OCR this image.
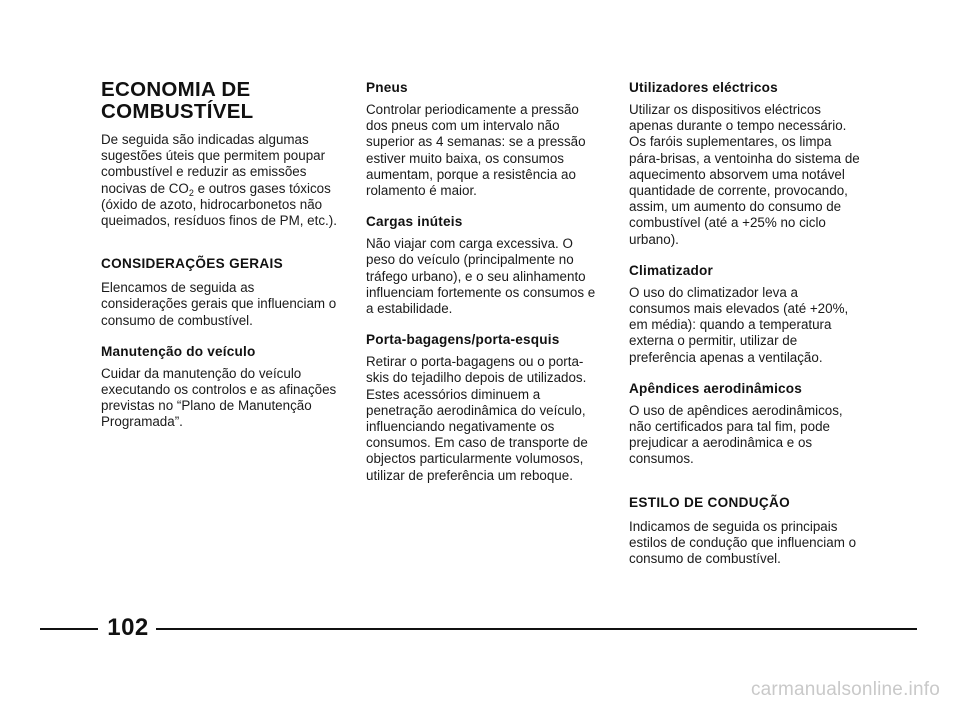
ECONOMIA DE
COMBUSTÍVEL

De seguida são indicadas algumas sugestões úteis que permitem poupar combustível e reduzir as emissões nocivas de $CO_2$ e outros gases tóxicos (óxido de azoto, hidrocarbonetos não queimados, resíduos finos de PM, etc.).

CONSIDERAÇÕES GERAIS

Elencamos de seguida as considerações gerais que influenciam o consumo de combustível.

Manutenção do veículo

Cuidar da manutenção do veículo executando os controlos e as afinações previstas no “Plano de Manutenção Programada”.

Pneus

Controlar periodicamente a pressão dos pneus com um intervalo não superior as 4 semanas: se a pressão estiver muito baixa, os consumos aumentam, porque a resistência ao rolamento é maior.

Cargas inúteis

Não viajar com carga excessiva. O peso do veículo (principalmente no tráfego urbano), e o seu alinhamento influenciam fortemente os consumos e a estabilidade.

Porta-bagagens/porta-esquis

Retirar o porta-bagagens ou o porta-skis do tejadilho depois de utilizados. Estes acessórios diminuem a penetração aerodinâmica do veículo, influenciando negativamente os consumos. Em caso de transporte de objectos particularmente volumosos, utilizar de preferência um reboque.

Utilizadores eléctricos

Utilizar os dispositivos eléctricos apenas durante o tempo necessário. Os faróis suplementares, os limpa pára-brisas, a ventoinha do sistema de aquecimento absorvem uma notável quantidade de corrente, provocando, assim, um aumento do consumo de combustível (até a +25% no ciclo urbano).

Climatizador

O uso do climatizador leva a consumos mais elevados (até +20%, em média): quando a temperatura externa o permitir, utilizar de preferência apenas a ventilação.

Apêndices aerodinâmicos

O uso de apêndices aerodinâmicos, não certificados para tal fim, pode prejudicar a aerodinâmica e os consumos.

ESTILO DE CONDUÇÃO

Indicamos de seguida os principais estilos de condução que influenciam o consumo de combustível.

102
carmanualsonline.info
